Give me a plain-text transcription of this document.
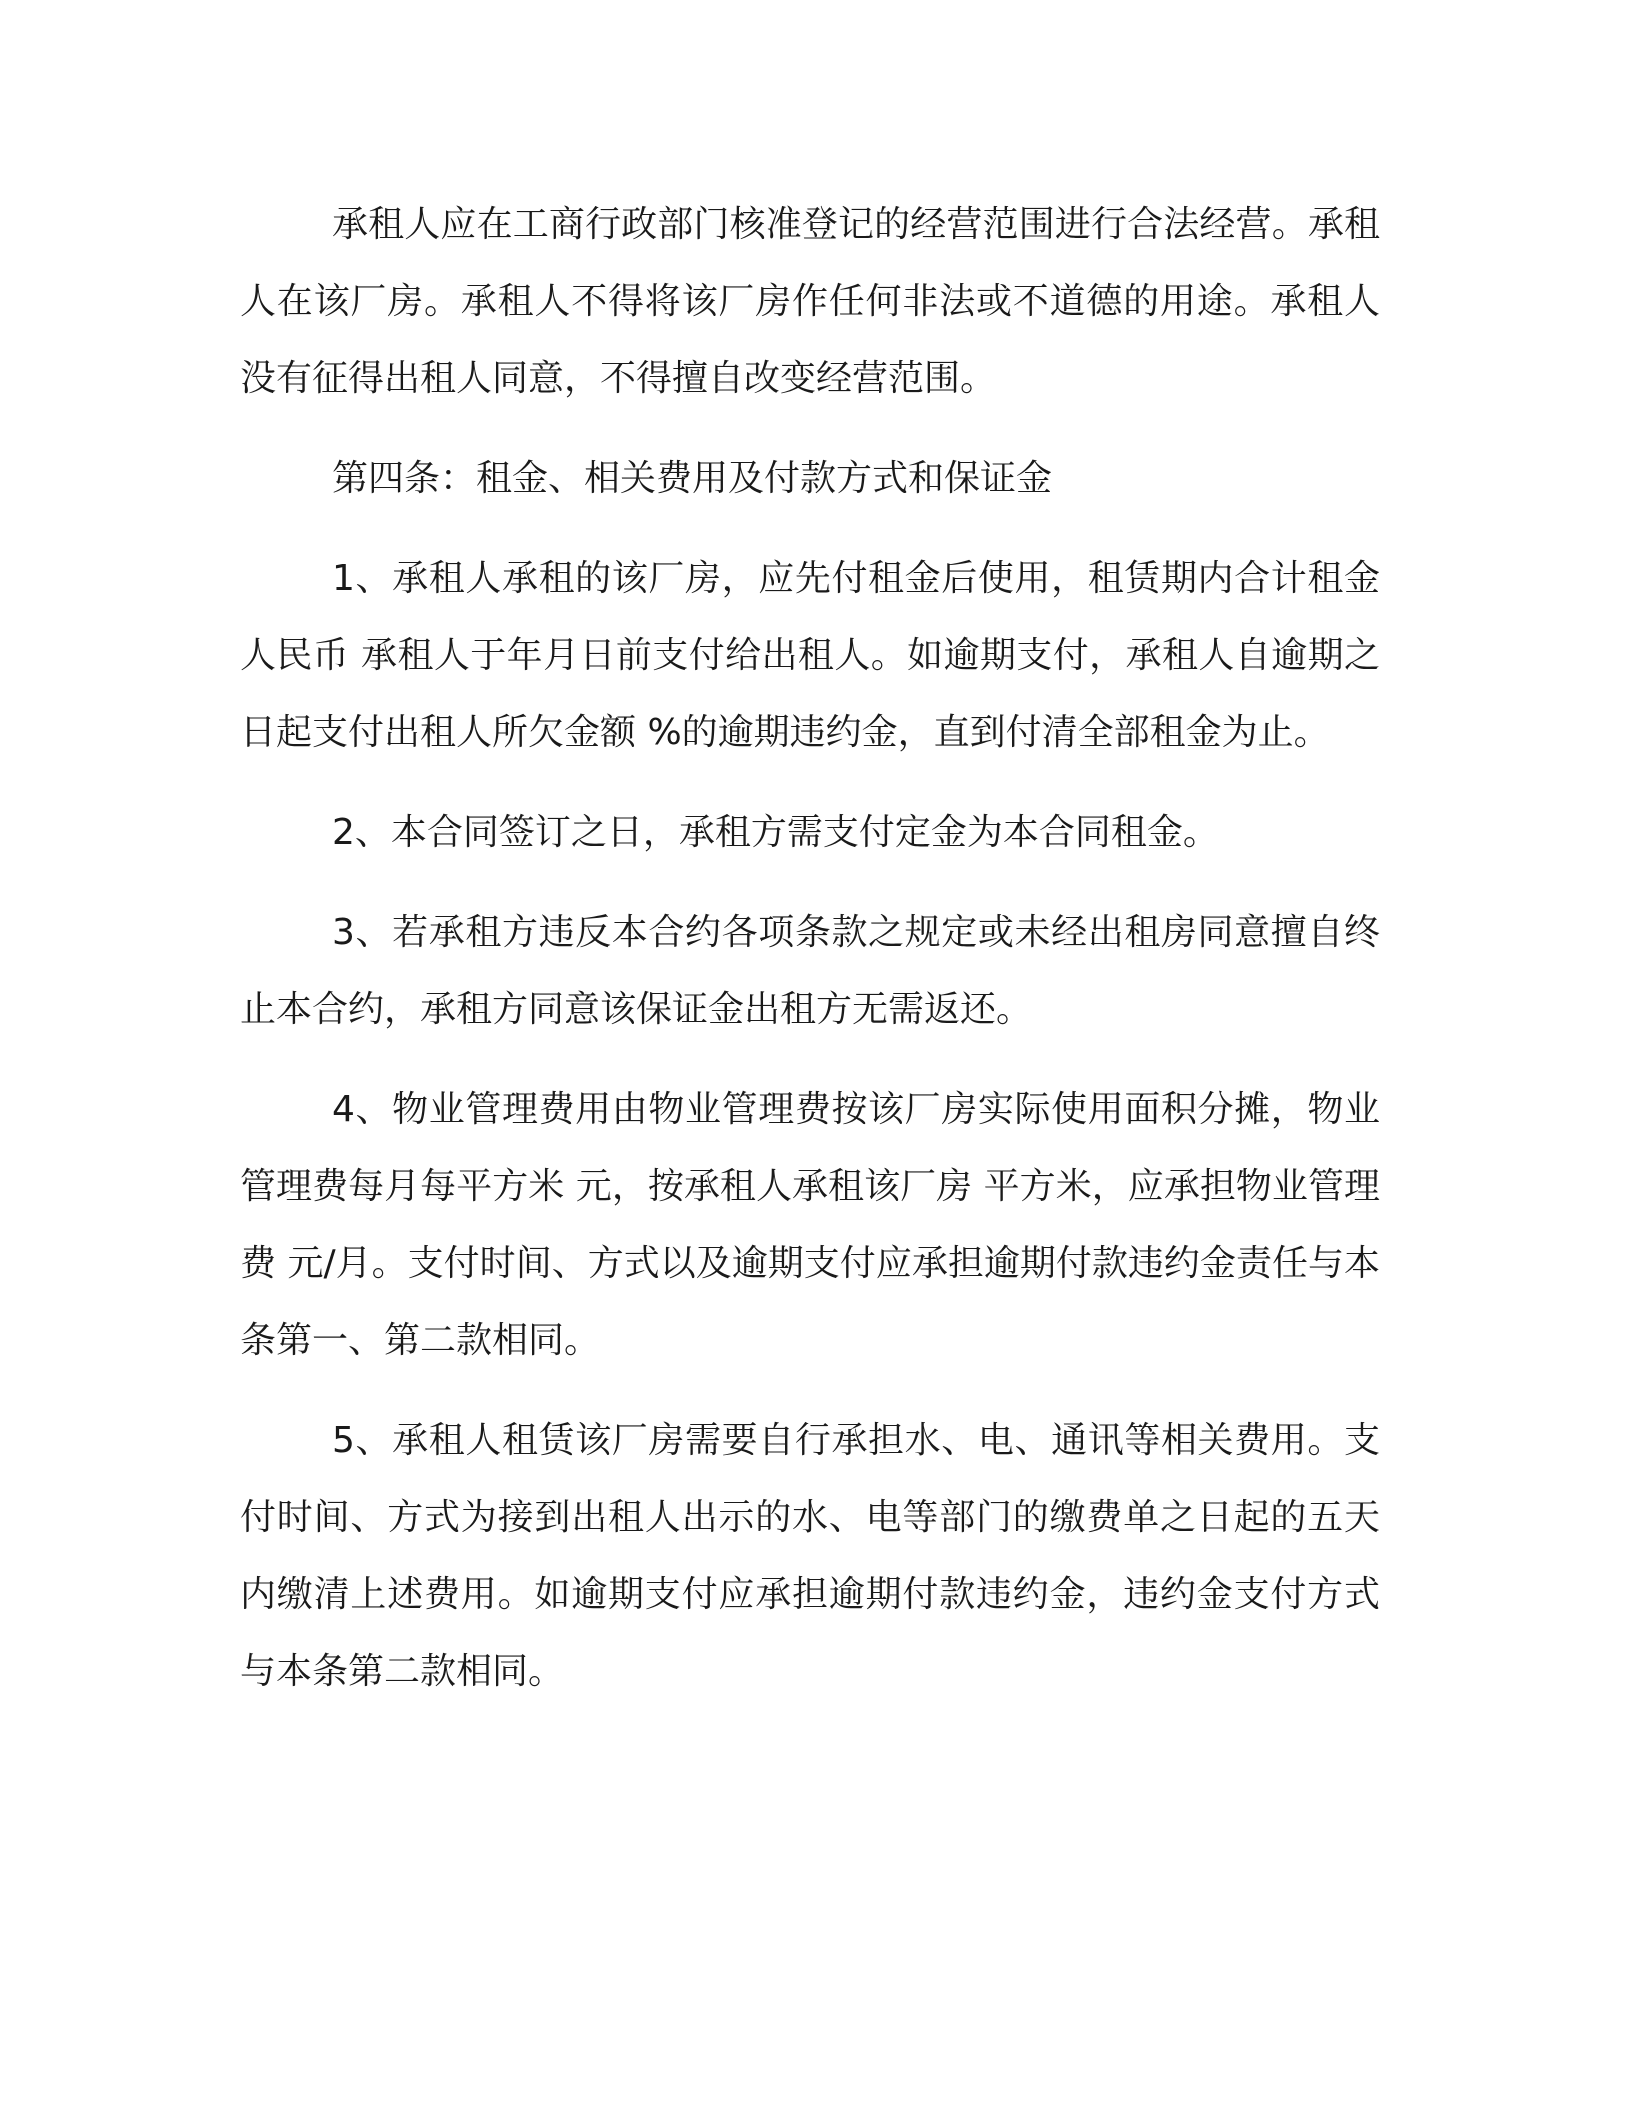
承租人应在工商行政部门核准登记的经营范围进行合法经营。承租人在该厂房。承租人不得将该厂房作任何非法或不道德的用途。承租人没有征得出租人同意，不得擅自改变经营范围。

第四条：租金、相关费用及付款方式和保证金

1、承租人承租的该厂房，应先付租金后使用，租赁期内合计租金人民币 承租人于年月日前支付给出租人。如逾期支付，承租人自逾期之日起支付出租人所欠金额 %的逾期违约金，直到付清全部租金为止。

2、本合同签订之日，承租方需支付定金为本合同租金。

3、若承租方违反本合约各项条款之规定或未经出租房同意擅自终止本合约，承租方同意该保证金出租方无需返还。

4、物业管理费用由物业管理费按该厂房实际使用面积分摊，物业管理费每月每平方米 元，按承租人承租该厂房 平方米，应承担物业管理费 元/月。支付时间、方式以及逾期支付应承担逾期付款违约金责任与本条第一、第二款相同。

5、承租人租赁该厂房需要自行承担水、电、通讯等相关费用。支付时间、方式为接到出租人出示的水、电等部门的缴费单之日起的五天内缴清上述费用。如逾期支付应承担逾期付款违约金，违约金支付方式与本条第二款相同。
